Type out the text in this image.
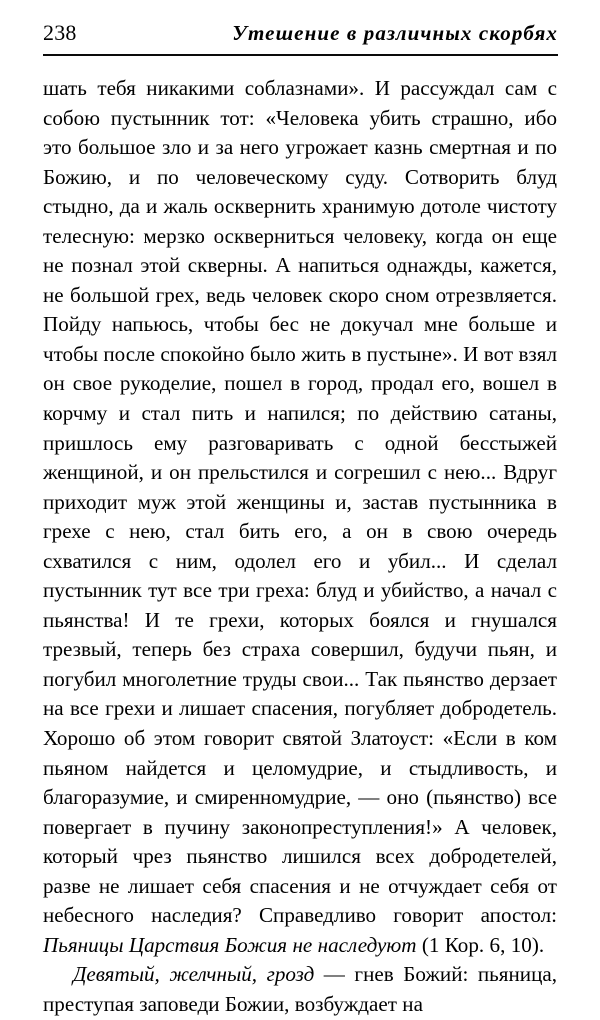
238	Утешение в различных скорбях

шать тебя никакими соблазнами». И рассуждал сам с собою пустынник тот: «Человека убить страшно, ибо это большое зло и за него угрожает казнь смертная и по Божию, и по человеческому суду. Сотворить блуд стыдно, да и жаль осквернить хранимую дотоле чистоту телесную: мерзко оскверниться человеку, когда он еще не познал этой скверны. А напиться однажды, кажется, не большой грех, ведь человек скоро сном отрезвляется. Пойду напьюсь, чтобы бес не докучал мне больше и чтобы после спокойно было жить в пустыне». И вот взял он свое рукоделие, пошел в город, продал его, вошел в корчму и стал пить и напился; по действию сатаны, пришлось ему разговаривать с одной бесстыжей женщиной, и он прельстился и согрешил с нею... Вдруг приходит муж этой женщины и, застав пустынника в грехе с нею, стал бить его, а он в свою очередь схватился с ним, одолел его и убил... И сделал пустынник тут все три греха: блуд и убийство, а начал с пьянства! И те грехи, которых боялся и гнушался трезвый, теперь без страха совершил, будучи пьян, и погубил многолетние труды свои... Так пьянство дерзает на все грехи и лишает спасения, погубляет добродетель. Хорошо об этом говорит святой Златоуст: «Если в ком пьяном найдется и целомудрие, и стыдливость, и благоразумие, и смиренномудрие, — оно (пьянство) все повергает в пучину законопреступления!» А человек, который чрез пьянство лишился всех добродетелей, разве не лишает себя спасения и не отчуждает себя от небесного наследия? Справедливо говорит апостол: Пьяницы Царствия Божия не наследуют (1 Кор. 6, 10).

Девятый, желчный, грозд — гнев Божий: пьяница, преступая заповеди Божии, возбуждает на
